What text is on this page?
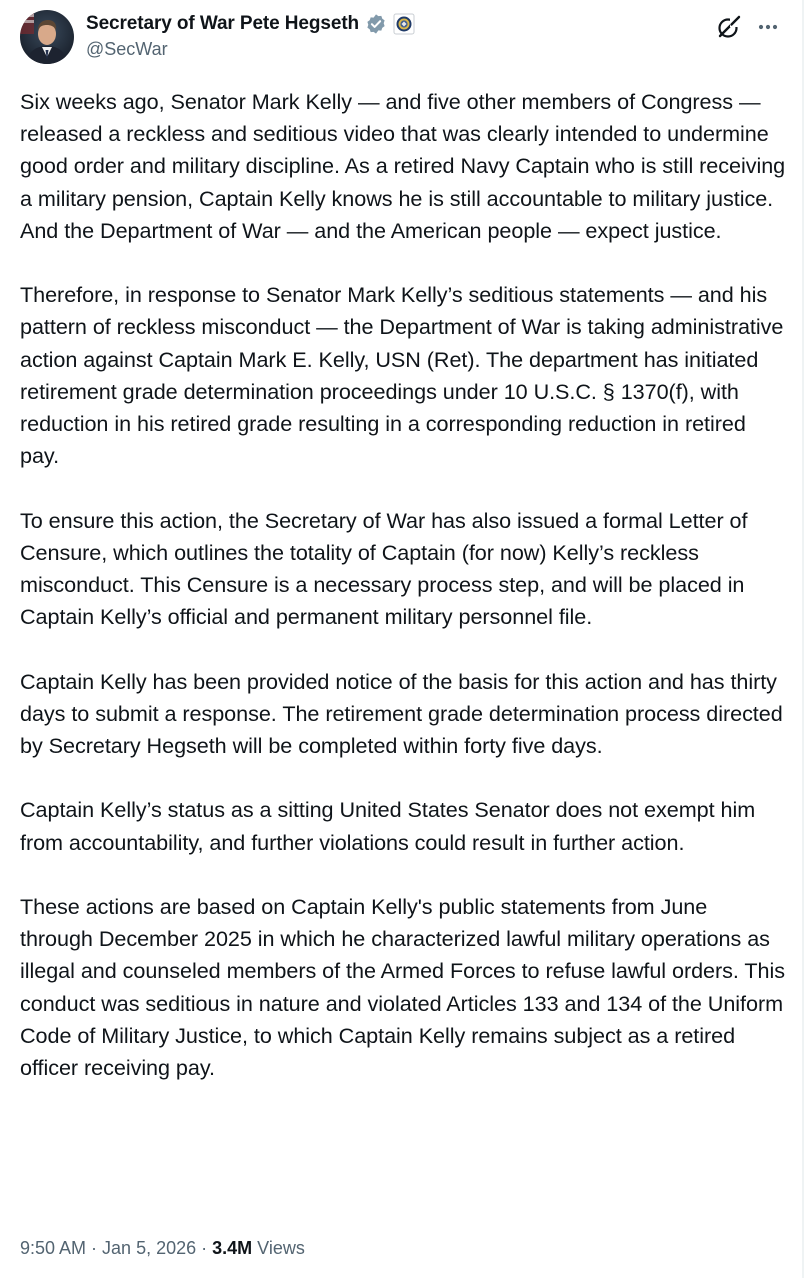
Secretary of War Pete Hegseth
@SecWar

Six weeks ago, Senator Mark Kelly — and five other members of Congress — released a reckless and seditious video that was clearly intended to undermine good order and military discipline. As a retired Navy Captain who is still receiving a military pension, Captain Kelly knows he is still accountable to military justice. And the Department of War — and the American people — expect justice.

Therefore, in response to Senator Mark Kelly’s seditious statements — and his pattern of reckless misconduct — the Department of War is taking administrative action against Captain Mark E. Kelly, USN (Ret). The department has initiated retirement grade determination proceedings under 10 U.S.C. § 1370(f), with reduction in his retired grade resulting in a corresponding reduction in retired pay.

To ensure this action, the Secretary of War has also issued a formal Letter of Censure, which outlines the totality of Captain (for now) Kelly’s reckless misconduct. This Censure is a necessary process step, and will be placed in Captain Kelly’s official and permanent military personnel file.

Captain Kelly has been provided notice of the basis for this action and has thirty days to submit a response. The retirement grade determination process directed by Secretary Hegseth will be completed within forty five days.

Captain Kelly’s status as a sitting United States Senator does not exempt him from accountability, and further violations could result in further action.

These actions are based on Captain Kelly's public statements from June through December 2025 in which he characterized lawful military operations as illegal and counseled members of the Armed Forces to refuse lawful orders. This conduct was seditious in nature and violated Articles 133 and 134 of the Uniform Code of Military Justice, to which Captain Kelly remains subject as a retired officer receiving pay.

9:50 AM · Jan 5, 2026 · 3.4M Views
